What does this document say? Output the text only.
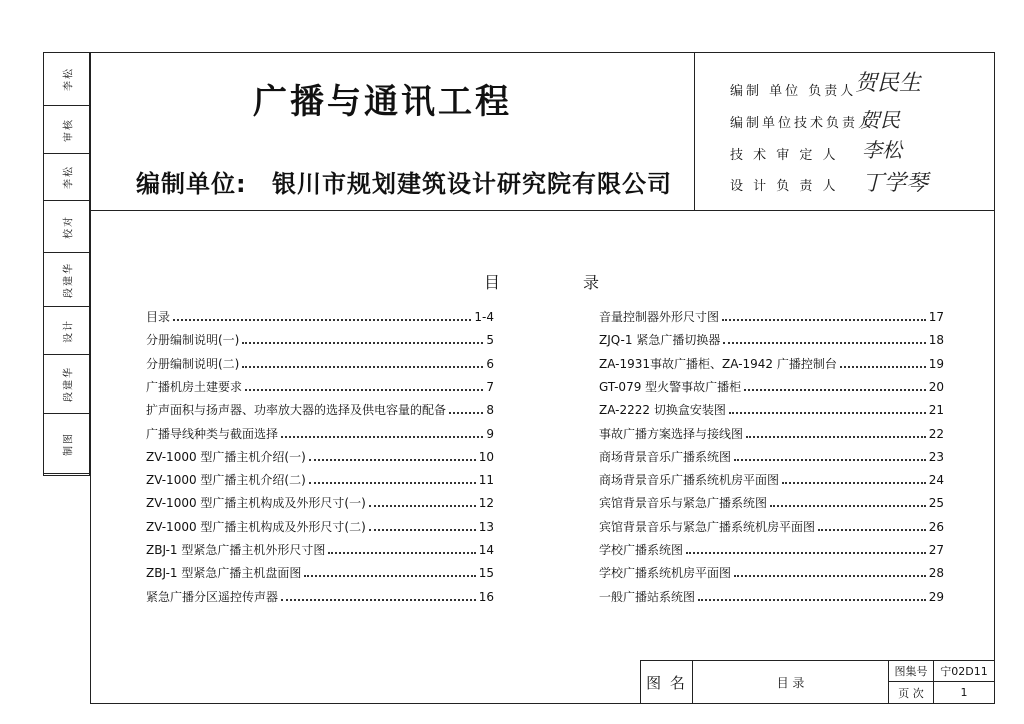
李松
审核
李松
校对
段建华
设计
段建华
制图
广播与通讯工程
编制单位: 银川市规划建筑设计研究院有限公司
编制 单位 负责人
贺民生
编制单位技术负责人
贺民
技 术 审 定 人 李松
设 计 负 责 人 丁学琴
目	录
目录	1-4
分册编制说明(一)	5
分册编制说明(二)	6
广播机房土建要求	7
扩声面积与扬声器、功率放大器的选择及供电容量的配备	8
广播导线种类与截面选择	9
ZV-1000 型广播主机介绍(一)	10
ZV-1000 型广播主机介绍(二)	11
ZV-1000 型广播主机构成及外形尺寸(一)	12
ZV-1000 型广播主机构成及外形尺寸(二)	13
ZBJ-1 型紧急广播主机外形尺寸图	14
ZBJ-1 型紧急广播主机盘面图	15
紧急广播分区遥控传声器	16
音量控制器外形尺寸图	17
ZJQ-1 紧急广播切换器	18
ZA-1931事故广播柜、ZA-1942 广播控制台	19
GT-079 型火警事故广播柜	20
ZA-2222 切换盒安装图	21
事故广播方案选择与接线图	22
商场背景音乐广播系统图	23
商场背景音乐广播系统机房平面图	24
宾馆背景音乐与紧急广播系统图	25
宾馆背景音乐与紧急广播系统机房平面图	26
学校广播系统图	27
学校广播系统机房平面图	28
一般广播站系统图	29
图 名	目 录
图集号	宁02D11
页 次	1
